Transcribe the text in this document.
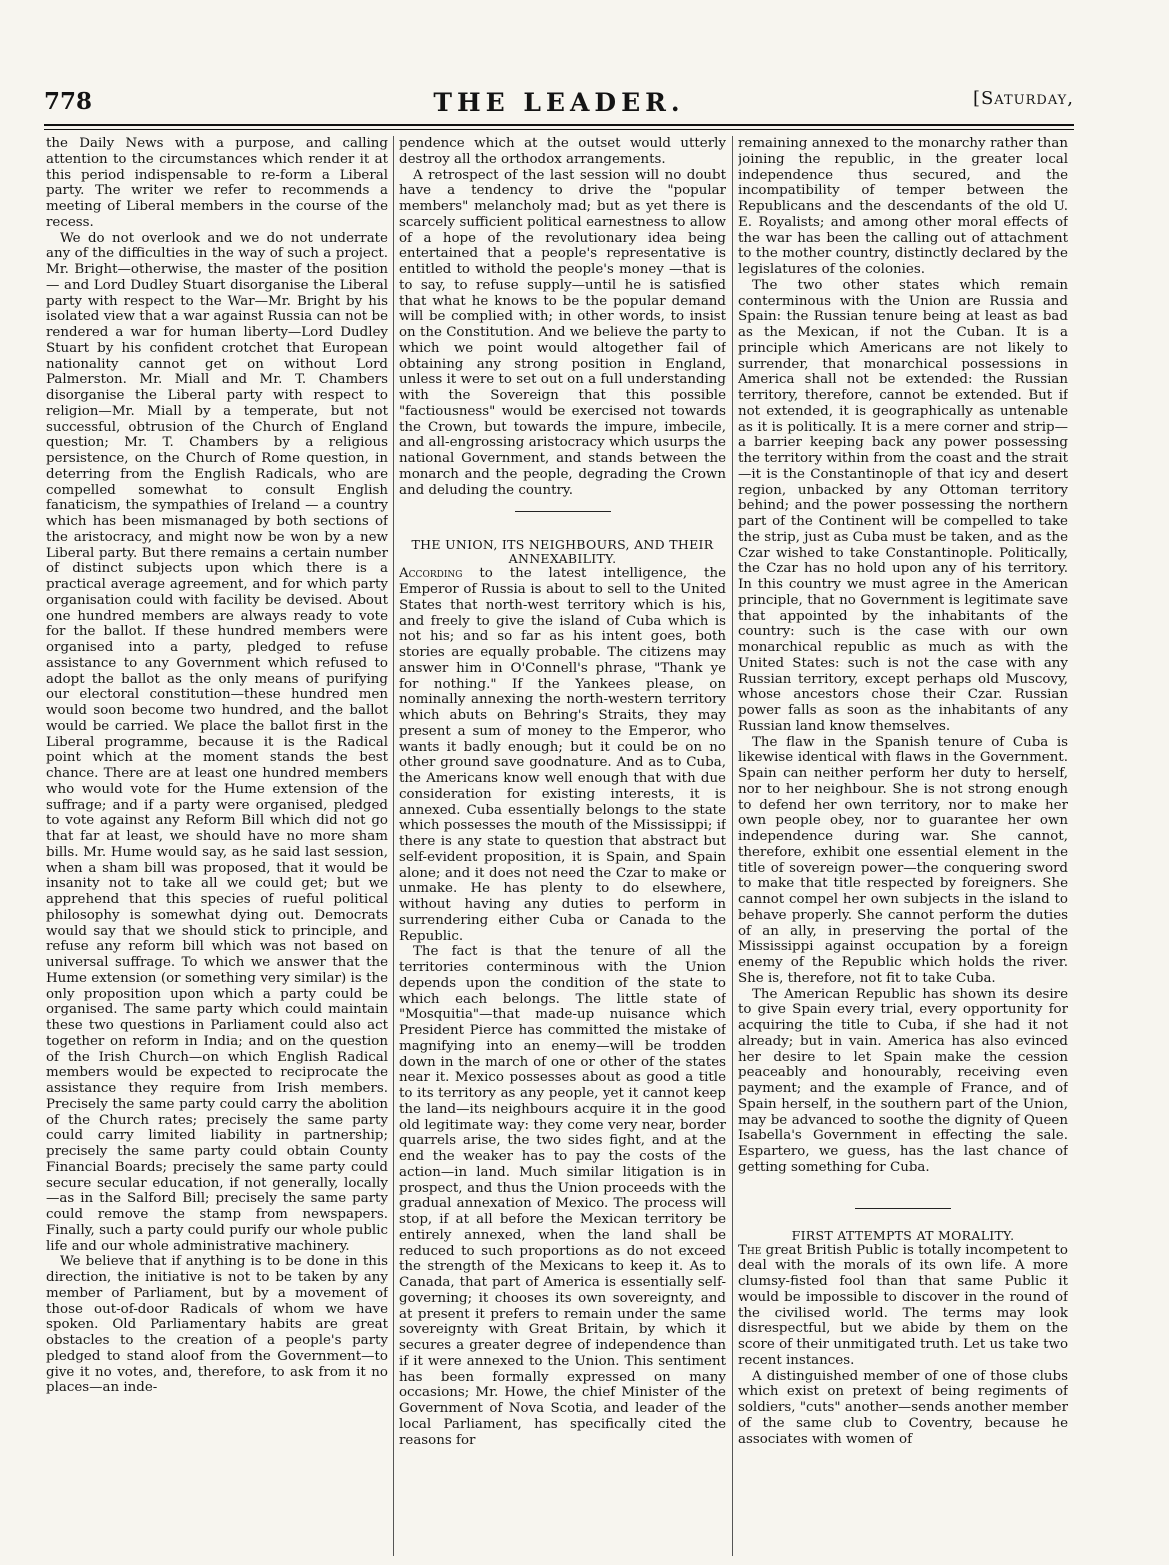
778	THE LEADER.	[Saturday,

the Daily News with a purpose, and calling attention to the circumstances which render it at this period indispensable to re-form a Liberal party. The writer we refer to recommends a meeting of Liberal members in the course of the recess.

We do not overlook and we do not underrate any of the difficulties in the way of such a project. Mr. Bright—otherwise, the master of the position — and Lord Dudley Stuart disorganise the Liberal party with respect to the War—Mr. Bright by his isolated view that a war against Russia can not be rendered a war for human liberty—Lord Dudley Stuart by his confident crotchet that European nationality cannot get on without Lord Palmerston. Mr. Miall and Mr. T. Chambers disorganise the Liberal party with respect to religion—Mr. Miall by a temperate, but not successful, obtrusion of the Church of England question; Mr. T. Chambers by a religious persistence, on the Church of Rome question, in deterring from the English Radicals, who are compelled somewhat to consult English fanaticism, the sympathies of Ireland — a country which has been mismanaged by both sections of the aristocracy, and might now be won by a new Liberal party. But there remains a certain number of distinct subjects upon which there is a practical average agreement, and for which party organisation could with facility be devised. About one hundred members are always ready to vote for the ballot. If these hundred members were organised into a party, pledged to refuse assistance to any Government which refused to adopt the ballot as the only means of purifying our electoral constitution—these hundred men would soon become two hundred, and the ballot would be carried. We place the ballot first in the Liberal programme, because it is the Radical point which at the moment stands the best chance. There are at least one hundred members who would vote for the Hume extension of the suffrage; and if a party were organised, pledged to vote against any Reform Bill which did not go that far at least, we should have no more sham bills. Mr. Hume would say, as he said last session, when a sham bill was proposed, that it would be insanity not to take all we could get; but we apprehend that this species of rueful political philosophy is somewhat dying out. Democrats would say that we should stick to principle, and refuse any reform bill which was not based on universal suffrage. To which we answer that the Hume extension (or something very similar) is the only proposition upon which a party could be organised. The same party which could maintain these two questions in Parliament could also act together on reform in India; and on the question of the Irish Church—on which English Radical members would be expected to reciprocate the assistance they require from Irish members. Precisely the same party could carry the abolition of the Church rates; precisely the same party could carry limited liability in partnership; precisely the same party could obtain County Financial Boards; precisely the same party could secure secular education, if not generally, locally—as in the Salford Bill; precisely the same party could remove the stamp from newspapers. Finally, such a party could purify our whole public life and our whole administrative machinery.

We believe that if anything is to be done in this direction, the initiative is not to be taken by any member of Parliament, but by a movement of those out-of-door Radicals of whom we have spoken. Old Parliamentary habits are great obstacles to the creation of a people's party pledged to stand aloof from the Government—to give it no votes, and, therefore, to ask from it no places—an inde-

pendence which at the outset would utterly destroy all the orthodox arrangements.

A retrospect of the last session will no doubt have a tendency to drive the "popular members" melancholy mad; but as yet there is scarcely sufficient political earnestness to allow of a hope of the revolutionary idea being entertained that a people's representative is entitled to withold the people's money —that is to say, to refuse supply—until he is satisfied that what he knows to be the popular demand will be complied with; in other words, to insist on the Constitution. And we believe the party to which we point would altogether fail of obtaining any strong position in England, unless it were to set out on a full understanding with the Sovereign that this possible "factiousness" would be exercised not towards the Crown, but towards the impure, imbecile, and all-engrossing aristocracy which usurps the national Government, and stands between the monarch and the people, degrading the Crown and deluding the country.

THE UNION, ITS NEIGHBOURS, AND THEIR ANNEXABILITY.

According to the latest intelligence, the Emperor of Russia is about to sell to the United States that north-west territory which is his, and freely to give the island of Cuba which is not his; and so far as his intent goes, both stories are equally probable. The citizens may answer him in O'Connell's phrase, "Thank ye for nothing." If the Yankees please, on nominally annexing the north-western territory which abuts on Behring's Straits, they may present a sum of money to the Emperor, who wants it badly enough; but it could be on no other ground save goodnature. And as to Cuba, the Americans know well enough that with due consideration for existing interests, it is annexed. Cuba essentially belongs to the state which possesses the mouth of the Mississippi; if there is any state to question that abstract but self-evident proposition, it is Spain, and Spain alone; and it does not need the Czar to make or unmake. He has plenty to do elsewhere, without having any duties to perform in surrendering either Cuba or Canada to the Republic.

The fact is that the tenure of all the territories conterminous with the Union depends upon the condition of the state to which each belongs. The little state of "Mosquitia"—that made-up nuisance which President Pierce has committed the mistake of magnifying into an enemy—will be trodden down in the march of one or other of the states near it. Mexico possesses about as good a title to its territory as any people, yet it cannot keep the land—its neighbours acquire it in the good old legitimate way: they come very near, border quarrels arise, the two sides fight, and at the end the weaker has to pay the costs of the action—in land. Much similar litigation is in prospect, and thus the Union proceeds with the gradual annexation of Mexico. The process will stop, if at all before the Mexican territory be entirely annexed, when the land shall be reduced to such proportions as do not exceed the strength of the Mexicans to keep it. As to Canada, that part of America is essentially self-governing; it chooses its own sovereignty, and at present it prefers to remain under the same sovereignty with Great Britain, by which it secures a greater degree of independence than if it were annexed to the Union. This sentiment has been formally expressed on many occasions; Mr. Howe, the chief Minister of the Government of Nova Scotia, and leader of the local Parliament, has specifically cited the reasons for

remaining annexed to the monarchy rather than joining the republic, in the greater local independence thus secured, and the incompatibility of temper between the Republicans and the descendants of the old U. E. Royalists; and among other moral effects of the war has been the calling out of attachment to the mother country, distinctly declared by the legislatures of the colonies.

The two other states which remain conterminous with the Union are Russia and Spain: the Russian tenure being at least as bad as the Mexican, if not the Cuban. It is a principle which Americans are not likely to surrender, that monarchical possessions in America shall not be extended: the Russian territory, therefore, cannot be extended. But if not extended, it is geographically as untenable as it is politically. It is a mere corner and strip—a barrier keeping back any power possessing the territory within from the coast and the strait—it is the Constantinople of that icy and desert region, unbacked by any Ottoman territory behind; and the power possessing the northern part of the Continent will be compelled to take the strip, just as Cuba must be taken, and as the Czar wished to take Constantinople. Politically, the Czar has no hold upon any of his territory. In this country we must agree in the American principle, that no Government is legitimate save that appointed by the inhabitants of the country: such is the case with our own monarchical republic as much as with the United States: such is not the case with any Russian territory, except perhaps old Muscovy, whose ancestors chose their Czar. Russian power falls as soon as the inhabitants of any Russian land know themselves.

The flaw in the Spanish tenure of Cuba is likewise identical with flaws in the Government. Spain can neither perform her duty to herself, nor to her neighbour. She is not strong enough to defend her own territory, nor to make her own people obey, nor to guarantee her own independence during war. She cannot, therefore, exhibit one essential element in the title of sovereign power—the conquering sword to make that title respected by foreigners. She cannot compel her own subjects in the island to behave properly. She cannot perform the duties of an ally, in preserving the portal of the Mississippi against occupation by a foreign enemy of the Republic which holds the river. She is, therefore, not fit to take Cuba.

The American Republic has shown its desire to give Spain every trial, every opportunity for acquiring the title to Cuba, if she had it not already; but in vain. America has also evinced her desire to let Spain make the cession peaceably and honourably, receiving even payment; and the example of France, and of Spain herself, in the southern part of the Union, may be advanced to soothe the dignity of Queen Isabella's Government in effecting the sale. Espartero, we guess, has the last chance of getting something for Cuba.

FIRST ATTEMPTS AT MORALITY.

The great British Public is totally incompetent to deal with the morals of its own life. A more clumsy-fisted fool than that same Public it would be impossible to discover in the round of the civilised world. The terms may look disrespectful, but we abide by them on the score of their unmitigated truth. Let us take two recent instances.

A distinguished member of one of those clubs which exist on pretext of being regiments of soldiers, "cuts" another—sends another member of the same club to Coventry, because he associates with women of
